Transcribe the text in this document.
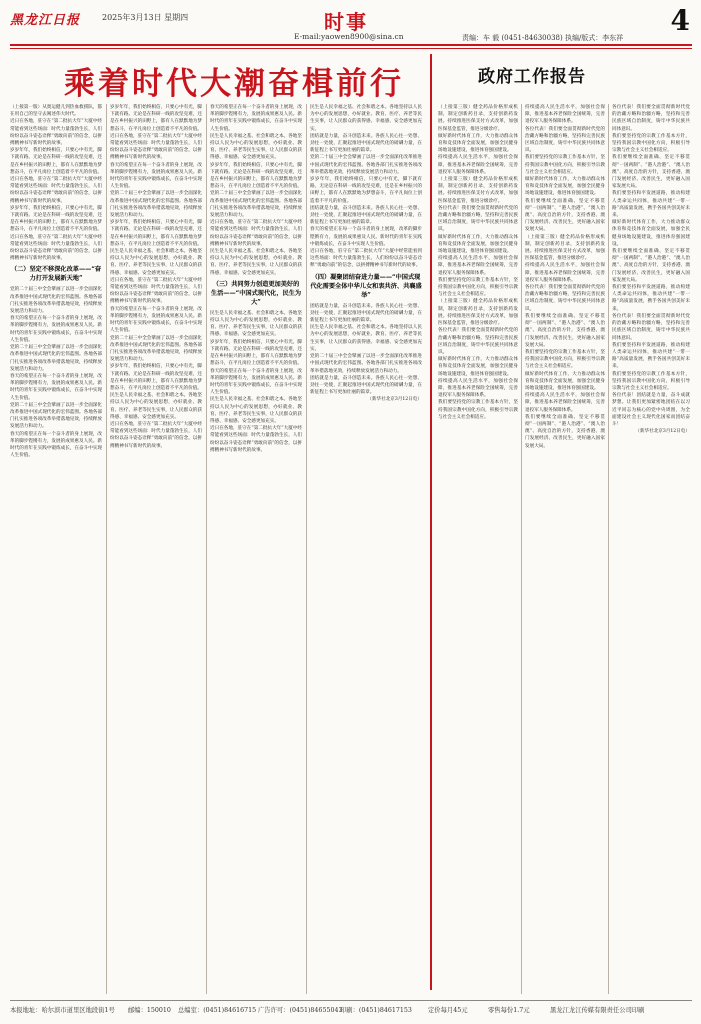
黑龙江日报	2025年3月13日 星期四	时事
E-mail:yaowen8900@sina.cn	责编：车 毅 (0451-84630038) 执编/版式：李东祥
4
乘着时代大潮奋楫前行

（上接第一版）从奥运健儿到热血救援队，都在用自己的坚守去阐述伟大时代。

近日在各地，驻守在“第二批抗大年”大厦中经常能看到这些场面：时代力量蓬勃生长，人们纷纷以奋斗姿态诠释“勇敢向前”的信念，以拼搏精神书写新时代的故事。

岁岁年年，我们始终相信，只要心中有光，脚下就有路。无论是在科研一线的攻坚克难，还是在乡村振兴的田野上，都有人在默默地为梦想奋斗，在平凡岗位上创造着不平凡的价值。

近日在各地，驻守在“第二批抗大年”大厦中经常能看到这些场面：时代力量蓬勃生长，人们纷纷以奋斗姿态诠释“勇敢向前”的信念，以拼搏精神书写新时代的故事。

岁岁年年，我们始终相信，只要心中有光，脚下就有路。无论是在科研一线的攻坚克难，还是在乡村振兴的田野上，都有人在默默地为梦想奋斗，在平凡岗位上创造着不平凡的价值。

近日在各地，驻守在“第二批抗大年”大厦中经常能看到这些场面：时代力量蓬勃生长，人们纷纷以奋斗姿态诠释“勇敢向前”的信念，以拼搏精神书写新时代的故事。

（二）坚定不移深化改革——“奋力打开发展新天地”

党的二十届三中全会擘画了以进一步全面深化改革推进中国式现代化的宏伟蓝图。各地各部门扎实推进各项改革举措落地见效，持续释放发展活力和动力。

春天的希望正在每一个奋斗者的身上展现，改革的脚步铿锵有力，发展的成果惠及人民。新时代的青年在实践中锻炼成长，在奋斗中实现人生价值。

党的二十届三中全会擘画了以进一步全面深化改革推进中国式现代化的宏伟蓝图。各地各部门扎实推进各项改革举措落地见效，持续释放发展活力和动力。

春天的希望正在每一个奋斗者的身上展现，改革的脚步铿锵有力，发展的成果惠及人民。新时代的青年在实践中锻炼成长，在奋斗中实现人生价值。

党的二十届三中全会擘画了以进一步全面深化改革推进中国式现代化的宏伟蓝图。各地各部门扎实推进各项改革举措落地见效，持续释放发展活力和动力。

春天的希望正在每一个奋斗者的身上展现，改革的脚步铿锵有力，发展的成果惠及人民。新时代的青年在实践中锻炼成长，在奋斗中实现人生价值。

岁岁年年，我们始终相信，只要心中有光，脚下就有路。无论是在科研一线的攻坚克难，还是在乡村振兴的田野上，都有人在默默地为梦想奋斗，在平凡岗位上创造着不平凡的价值。

近日在各地，驻守在“第二批抗大年”大厦中经常能看到这些场面：时代力量蓬勃生长，人们纷纷以奋斗姿态诠释“勇敢向前”的信念，以拼搏精神书写新时代的故事。

春天的希望正在每一个奋斗者的身上展现，改革的脚步铿锵有力，发展的成果惠及人民。新时代的青年在实践中锻炼成长，在奋斗中实现人生价值。

党的二十届三中全会擘画了以进一步全面深化改革推进中国式现代化的宏伟蓝图。各地各部门扎实推进各项改革举措落地见效，持续释放发展活力和动力。

岁岁年年，我们始终相信，只要心中有光，脚下就有路。无论是在科研一线的攻坚克难，还是在乡村振兴的田野上，都有人在默默地为梦想奋斗，在平凡岗位上创造着不平凡的价值。

民生是人民幸福之基、社会和谐之本。各地坚持以人民为中心的发展思想，办好就业、教育、医疗、养老等民生实事，让人民群众的获得感、幸福感、安全感更加充实。

近日在各地，驻守在“第二批抗大年”大厦中经常能看到这些场面：时代力量蓬勃生长，人们纷纷以奋斗姿态诠释“勇敢向前”的信念，以拼搏精神书写新时代的故事。

春天的希望正在每一个奋斗者的身上展现，改革的脚步铿锵有力，发展的成果惠及人民。新时代的青年在实践中锻炼成长，在奋斗中实现人生价值。

党的二十届三中全会擘画了以进一步全面深化改革推进中国式现代化的宏伟蓝图。各地各部门扎实推进各项改革举措落地见效，持续释放发展活力和动力。

岁岁年年，我们始终相信，只要心中有光，脚下就有路。无论是在科研一线的攻坚克难，还是在乡村振兴的田野上，都有人在默默地为梦想奋斗，在平凡岗位上创造着不平凡的价值。

民生是人民幸福之基、社会和谐之本。各地坚持以人民为中心的发展思想，办好就业、教育、医疗、养老等民生实事，让人民群众的获得感、幸福感、安全感更加充实。

近日在各地，驻守在“第二批抗大年”大厦中经常能看到这些场面：时代力量蓬勃生长，人们纷纷以奋斗姿态诠释“勇敢向前”的信念，以拼搏精神书写新时代的故事。

春天的希望正在每一个奋斗者的身上展现，改革的脚步铿锵有力，发展的成果惠及人民。新时代的青年在实践中锻炼成长，在奋斗中实现人生价值。

民生是人民幸福之基、社会和谐之本。各地坚持以人民为中心的发展思想，办好就业、教育、医疗、养老等民生实事，让人民群众的获得感、幸福感、安全感更加充实。

岁岁年年，我们始终相信，只要心中有光，脚下就有路。无论是在科研一线的攻坚克难，还是在乡村振兴的田野上，都有人在默默地为梦想奋斗，在平凡岗位上创造着不平凡的价值。

党的二十届三中全会擘画了以进一步全面深化改革推进中国式现代化的宏伟蓝图。各地各部门扎实推进各项改革举措落地见效，持续释放发展活力和动力。

近日在各地，驻守在“第二批抗大年”大厦中经常能看到这些场面：时代力量蓬勃生长，人们纷纷以奋斗姿态诠释“勇敢向前”的信念，以拼搏精神书写新时代的故事。

民生是人民幸福之基、社会和谐之本。各地坚持以人民为中心的发展思想，办好就业、教育、医疗、养老等民生实事，让人民群众的获得感、幸福感、安全感更加充实。

（三）共同努力创造更加美好的生活——“中国式现代化，民生为大”

民生是人民幸福之基、社会和谐之本。各地坚持以人民为中心的发展思想，办好就业、教育、医疗、养老等民生实事，让人民群众的获得感、幸福感、安全感更加充实。

岁岁年年，我们始终相信，只要心中有光，脚下就有路。无论是在科研一线的攻坚克难，还是在乡村振兴的田野上，都有人在默默地为梦想奋斗，在平凡岗位上创造着不平凡的价值。

春天的希望正在每一个奋斗者的身上展现，改革的脚步铿锵有力，发展的成果惠及人民。新时代的青年在实践中锻炼成长，在奋斗中实现人生价值。

民生是人民幸福之基、社会和谐之本。各地坚持以人民为中心的发展思想，办好就业、教育、医疗、养老等民生实事，让人民群众的获得感、幸福感、安全感更加充实。

近日在各地，驻守在“第二批抗大年”大厦中经常能看到这些场面：时代力量蓬勃生长，人们纷纷以奋斗姿态诠释“勇敢向前”的信念，以拼搏精神书写新时代的故事。

民生是人民幸福之基、社会和谐之本。各地坚持以人民为中心的发展思想，办好就业、教育、医疗、养老等民生实事，让人民群众的获得感、幸福感、安全感更加充实。

团结就是力量，奋斗创造未来。各族人民心往一处想、劲往一处使，汇聚起推进中国式现代化的磅礴力量，在新征程上书写更加壮丽的篇章。

党的二十届三中全会擘画了以进一步全面深化改革推进中国式现代化的宏伟蓝图。各地各部门扎实推进各项改革举措落地见效，持续释放发展活力和动力。

岁岁年年，我们始终相信，只要心中有光，脚下就有路。无论是在科研一线的攻坚克难，还是在乡村振兴的田野上，都有人在默默地为梦想奋斗，在平凡岗位上创造着不平凡的价值。

团结就是力量，奋斗创造未来。各族人民心往一处想、劲往一处使，汇聚起推进中国式现代化的磅礴力量，在新征程上书写更加壮丽的篇章。

春天的希望正在每一个奋斗者的身上展现，改革的脚步铿锵有力，发展的成果惠及人民。新时代的青年在实践中锻炼成长，在奋斗中实现人生价值。

近日在各地，驻守在“第二批抗大年”大厦中经常能看到这些场面：时代力量蓬勃生长，人们纷纷以奋斗姿态诠释“勇敢向前”的信念，以拼搏精神书写新时代的故事。

（四）凝聚团结奋进力量——“中国式现代化需要全体中华儿女和衷共济、共襄盛举”

团结就是力量，奋斗创造未来。各族人民心往一处想、劲往一处使，汇聚起推进中国式现代化的磅礴力量，在新征程上书写更加壮丽的篇章。

民生是人民幸福之基、社会和谐之本。各地坚持以人民为中心的发展思想，办好就业、教育、医疗、养老等民生实事，让人民群众的获得感、幸福感、安全感更加充实。

党的二十届三中全会擘画了以进一步全面深化改革推进中国式现代化的宏伟蓝图。各地各部门扎实推进各项改革举措落地见效，持续释放发展活力和动力。

团结就是力量，奋斗创造未来。各族人民心往一处想、劲往一处使，汇聚起推进中国式现代化的磅礴力量，在新征程上书写更加壮丽的篇章。

（新华社北京3月12日电）

政府工作报告

（上接第三版）健全药品价格形成机制，制定创新药目录，支持创新药发展。持续推进医保支付方式改革，加强医保基金监管，推进分级诊疗。

做好新时代体育工作，大力推动群众体育和竞技体育全面发展，加强全民健身场地设施建设，推进体育强国建设。

持续提高人民生活水平，加强社会保障，推进基本养老保险全国统筹，完善退役军人服务保障体系。

（上接第三版）健全药品价格形成机制，制定创新药目录，支持创新药发展。持续推进医保支付方式改革，加强医保基金监管，推进分级诊疗。

各位代表！我们要全面贯彻新时代党的治藏方略和治疆方略，坚持和完善民族区域自治制度，铸牢中华民族共同体意识。

做好新时代体育工作，大力推动群众体育和竞技体育全面发展，加强全民健身场地设施建设，推进体育强国建设。

持续提高人民生活水平，加强社会保障，推进基本养老保险全国统筹，完善退役军人服务保障体系。

我们要坚持党的宗教工作基本方针，坚持我国宗教中国化方向，积极引导宗教与社会主义社会相适应。

（上接第三版）健全药品价格形成机制，制定创新药目录，支持创新药发展。持续推进医保支付方式改革，加强医保基金监管，推进分级诊疗。

各位代表！我们要全面贯彻新时代党的治藏方略和治疆方略，坚持和完善民族区域自治制度，铸牢中华民族共同体意识。

做好新时代体育工作，大力推动群众体育和竞技体育全面发展，加强全民健身场地设施建设，推进体育强国建设。

持续提高人民生活水平，加强社会保障，推进基本养老保险全国统筹，完善退役军人服务保障体系。

我们要坚持党的宗教工作基本方针，坚持我国宗教中国化方向，积极引导宗教与社会主义社会相适应。

持续提高人民生活水平，加强社会保障，推进基本养老保险全国统筹，完善退役军人服务保障体系。

各位代表！我们要全面贯彻新时代党的治藏方略和治疆方略，坚持和完善民族区域自治制度，铸牢中华民族共同体意识。

我们要坚持党的宗教工作基本方针，坚持我国宗教中国化方向，积极引导宗教与社会主义社会相适应。

做好新时代体育工作，大力推动群众体育和竞技体育全面发展，加强全民健身场地设施建设，推进体育强国建设。

我们要继续全面准确、坚定不移贯彻“一国两制”、“港人治港”、“澳人治澳”、高度自治的方针，支持香港、澳门发展经济、改善民生，更好融入国家发展大局。

（上接第三版）健全药品价格形成机制，制定创新药目录，支持创新药发展。持续推进医保支付方式改革，加强医保基金监管，推进分级诊疗。

持续提高人民生活水平，加强社会保障，推进基本养老保险全国统筹，完善退役军人服务保障体系。

各位代表！我们要全面贯彻新时代党的治藏方略和治疆方略，坚持和完善民族区域自治制度，铸牢中华民族共同体意识。

我们要继续全面准确、坚定不移贯彻“一国两制”、“港人治港”、“澳人治澳”、高度自治的方针，支持香港、澳门发展经济、改善民生，更好融入国家发展大局。

我们要坚持党的宗教工作基本方针，坚持我国宗教中国化方向，积极引导宗教与社会主义社会相适应。

做好新时代体育工作，大力推动群众体育和竞技体育全面发展，加强全民健身场地设施建设，推进体育强国建设。

持续提高人民生活水平，加强社会保障，推进基本养老保险全国统筹，完善退役军人服务保障体系。

我们要继续全面准确、坚定不移贯彻“一国两制”、“港人治港”、“澳人治澳”、高度自治的方针，支持香港、澳门发展经济、改善民生，更好融入国家发展大局。

各位代表！我们要全面贯彻新时代党的治藏方略和治疆方略，坚持和完善民族区域自治制度，铸牢中华民族共同体意识。

我们要坚持党的宗教工作基本方针，坚持我国宗教中国化方向，积极引导宗教与社会主义社会相适应。

我们要继续全面准确、坚定不移贯彻“一国两制”、“港人治港”、“澳人治澳”、高度自治的方针，支持香港、澳门发展经济、改善民生，更好融入国家发展大局。

我们要坚持和平发展道路，推动构建人类命运共同体，推动共建“一带一路”高质量发展，携手各国共创美好未来。

做好新时代体育工作，大力推动群众体育和竞技体育全面发展，加强全民健身场地设施建设，推进体育强国建设。

我们要继续全面准确、坚定不移贯彻“一国两制”、“港人治港”、“澳人治澳”、高度自治的方针，支持香港、澳门发展经济、改善民生，更好融入国家发展大局。

我们要坚持和平发展道路，推动构建人类命运共同体，推动共建“一带一路”高质量发展，携手各国共创美好未来。

各位代表！我们要全面贯彻新时代党的治藏方略和治疆方略，坚持和完善民族区域自治制度，铸牢中华民族共同体意识。

我们要坚持和平发展道路，推动构建人类命运共同体，推动共建“一带一路”高质量发展，携手各国共创美好未来。

我们要坚持党的宗教工作基本方针，坚持我国宗教中国化方向，积极引导宗教与社会主义社会相适应。

各位代表！团结就是力量，奋斗成就梦想。让我们更加紧密地团结在以习近平同志为核心的党中央周围，为全面建设社会主义现代化国家而团结奋斗！

（新华社北京3月12日电）

本报地址：哈尔滨市道里区地段街1号 邮编：150010 总编室：(0451)84616715 广告许可：(0451)84655043
印刷：(0451)84617153	定价每月45元	零售每份1.7元	黑龙江龙江传媒有限责任公司印刷
